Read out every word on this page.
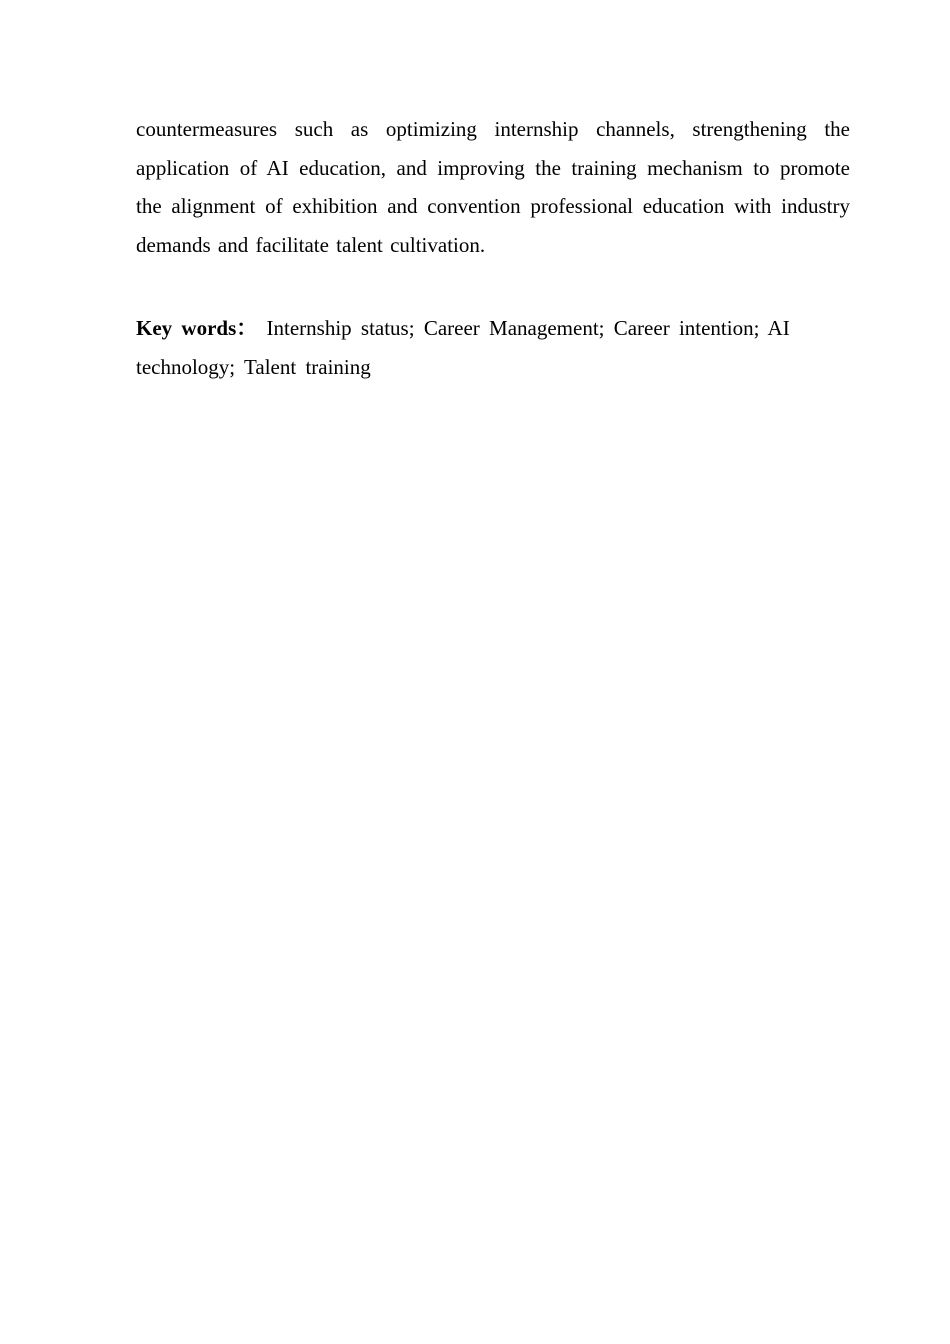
countermeasures such as optimizing internship channels, strengthening the application of AI education, and improving the training mechanism to promote the alignment of exhibition and convention professional education with industry demands and facilitate talent cultivation.

Key words： Internship status; Career Management; Career intention; AI technology; Talent training
